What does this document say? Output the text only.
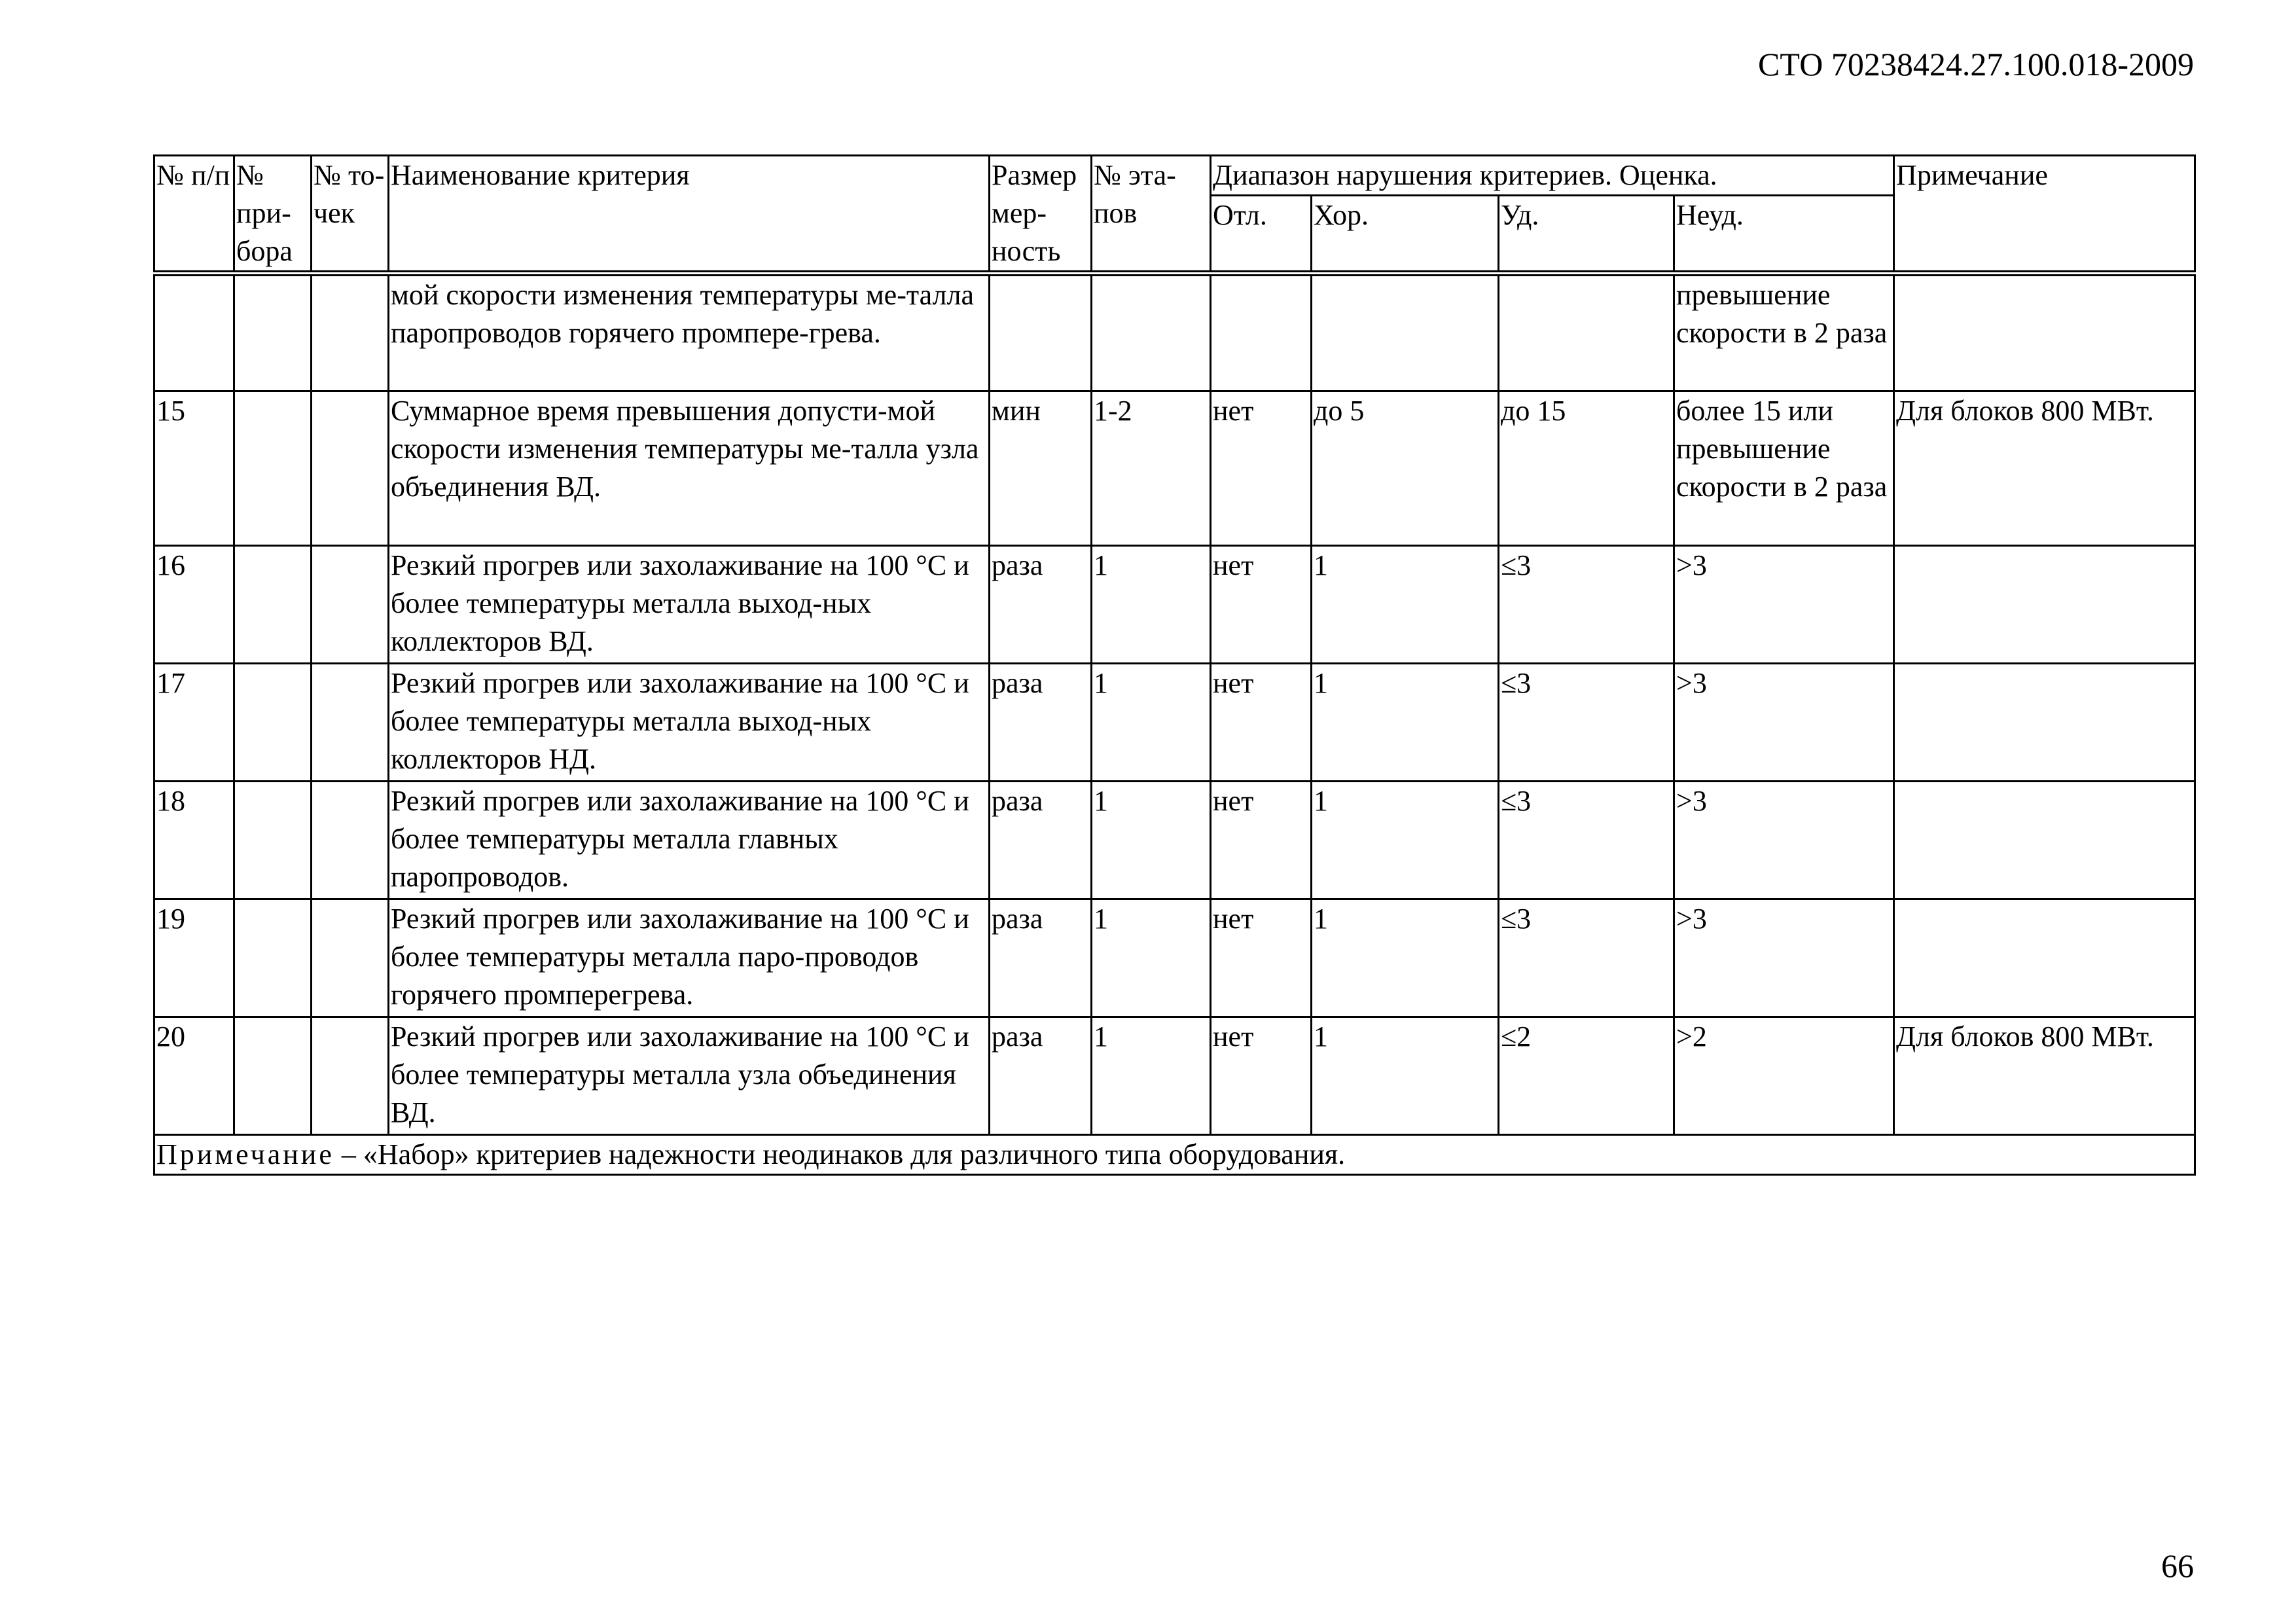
СТО 70238424.27.100.018-2009
№ п/п	№ при-бора	№ то-чек	Наименование критерия	Размер мер-ность	№ эта-пов	Диапазон нарушения критериев. Оценка.				Примечание
						Отл.	Хор.	Уд.	Неуд.	
			мой скорости изменения температуры ме-талла паропроводов горячего промпере-грева.						превышение скорости в 2 раза	
15			Суммарное время превышения допусти-мой скорости изменения температуры ме-талла узла объединения ВД.	мин	1-2	нет	до 5	до 15	более 15 или превышение скорости в 2 раза	Для блоков 800 МВт.
16			Резкий прогрев или захолаживание на 100 °С и более температуры металла выход-ных коллекторов ВД.	раза	1	нет	1	≤3	>3	
17			Резкий прогрев или захолаживание на 100 °С и более температуры металла выход-ных коллекторов НД.	раза	1	нет	1	≤3	>3	
18			Резкий прогрев или захолаживание на 100 °С и более температуры металла главных паропроводов.	раза	1	нет	1	≤3	>3	
19			Резкий прогрев или захолаживание на 100 °С и более температуры металла паро-проводов горячего промперегрева.	раза	1	нет	1	≤3	>3	
20			Резкий прогрев или захолаживание на 100 °С и более температуры металла узла объединения ВД.	раза	1	нет	1	≤2	>2	Для блоков 800 МВт.
Примечание – «Набор» критериев надежности неодинаков для различного типа оборудования.										
66
